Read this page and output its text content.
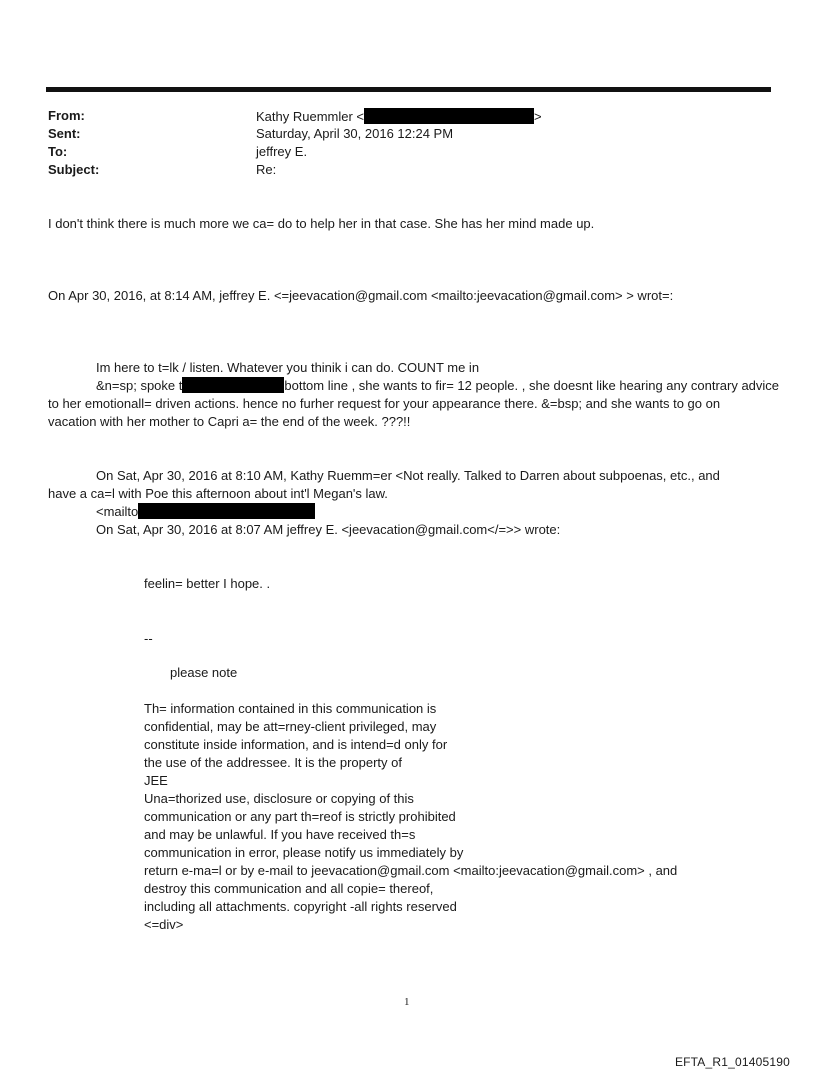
From:	Kathy Ruemmler <	>
Sent:	Saturday, April 30, 2016 12:24 PM
To:	jeffrey E.
Subject:	Re:
I don't think there is much more we ca= do to help her in that case. She has her mind made up.
On Apr 30, 2016, at 8:14 AM, jeffrey E. <=jeevacation@gmail.com <mailto:jeevacation@gmail.com> > wrot=:
Im here to t=lk / listen. Whatever you thinik i can do. COUNT me in
&n=sp; spoke t	bottom line , she wants to fir= 12 people. , she doesnt like hearing any contrary advice
to her emotionall= driven actions. hence no furher request for your appearance there. &=bsp; and she wants to go on
vacation with her mother to Capri a= the end of the week. ???!!
On Sat, Apr 30, 2016 at 8:10 AM, Kathy Ruemm=er <Not really. Talked to Darren about subpoenas, etc., and
have a ca=l with Poe this afternoon about int'l Megan's law.
<mailto
On Sat, Apr 30, 2016 at 8:07 AM jeffrey E. <jeevacation@gmail.com</=>> wrote:
feelin= better I hope. .
--
please note
Th= information contained in this communication is
confidential, may be att=rney-client privileged, may
constitute inside information, and is intend=d only for
the use of the addressee. It is the property of
JEE
Una=thorized use, disclosure or copying of this
communication or any part th=reof is strictly prohibited
and may be unlawful. If you have received th=s
communication in error, please notify us immediately by
return e-ma=l or by e-mail to jeevacation@gmail.com <mailto:jeevacation@gmail.com> , and
destroy this communication and all copie= thereof,
including all attachments. copyright -all rights reserved
<=div>
1
EFTA_R1_01405190
